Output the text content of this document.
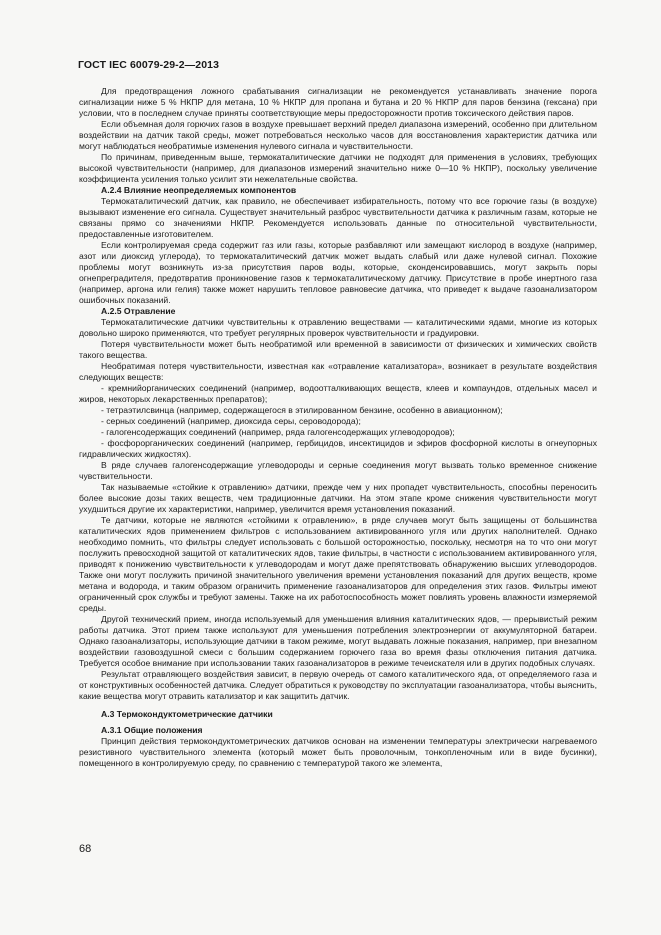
ГОСТ IEC 60079-29-2—2013

Для предотвращения ложного срабатывания сигнализации не рекомендуется устанавливать значение порога сигнализации ниже 5 % НКПР для метана, 10 % НКПР для пропана и бутана и 20 % НКПР для паров бензина (гексана) при условии, что в последнем случае приняты соответствующие меры предосторожности против токсического действия паров.

Если объемная доля горючих газов в воздухе превышает верхний предел диапазона измерений, особенно при длительном воздействии на датчик такой среды, может потребоваться несколько часов для восстановления характеристик датчика или могут наблюдаться необратимые изменения нулевого сигнала и чувствительности.

По причинам, приведенным выше, термокаталитические датчики не подходят для применения в условиях, требующих высокой чувствительности (например, для диапазонов измерений значительно ниже 0—10 % НКПР), поскольку увеличение коэффициента усиления только усилит эти нежелательные свойства.

A.2.4 Влияние неопределяемых компонентов

Термокаталитический датчик, как правило, не обеспечивает избирательность, потому что все горючие газы (в воздухе) вызывают изменение его сигнала. Существует значительный разброс чувствительности датчика к различным газам, которые не связаны прямо со значениями НКПР. Рекомендуется использовать данные по относительной чувствительности, предоставленные изготовителем.

Если контролируемая среда содержит газ или газы, которые разбавляют или замещают кислород в воздухе (например, азот или диоксид углерода), то термокаталитический датчик может выдать слабый или даже нулевой сигнал. Похожие проблемы могут возникнуть из-за присутствия паров воды, которые, сконденсировавшись, могут закрыть поры огнепреградителя, предотвратив проникновение газов к термокаталитическому датчику. Присутствие в пробе инертного газа (например, аргона или гелия) также может нарушить тепловое равновесие датчика, что приведет к выдаче газоанализатором ошибочных показаний.

A.2.5 Отравление

Термокаталитические датчики чувствительны к отравлению веществами — каталитическими ядами, многие из которых довольно широко применяются, что требует регулярных проверок чувствительности и градуировки.

Потеря чувствительности может быть необратимой или временной в зависимости от физических и химических свойств такого вещества.

Необратимая потеря чувствительности, известная как «отравление катализатора», возникает в результате воздействия следующих веществ:

- кремнийорганических соединений (например, водоотталкивающих веществ, клеев и компаундов, отдельных масел и жиров, некоторых лекарственных препаратов);

- тетраэтилсвинца (например, содержащегося в этилированном бензине, особенно в авиационном);

- серных соединений (например, диоксида серы, сероводорода);

- галогенсодержащих соединений (например, ряда галогенсодержащих углеводородов);

- фосфорорганических соединений (например, гербицидов, инсектицидов и эфиров фосфорной кислоты в огнеупорных гидравлических жидкостях).

В ряде случаев галогенсодержащие углеводороды и серные соединения могут вызвать только временное снижение чувствительности.

Так называемые «стойкие к отравлению» датчики, прежде чем у них пропадет чувствительность, способны переносить более высокие дозы таких веществ, чем традиционные датчики. На этом этапе кроме снижения чувствительности могут ухудшиться другие их характеристики, например, увеличится время установления показаний.

Те датчики, которые не являются «стойкими к отравлению», в ряде случаев могут быть защищены от большинства каталитических ядов применением фильтров с использованием активированного угля или других наполнителей. Однако необходимо помнить, что фильтры следует использовать с большой осторожностью, поскольку, несмотря на то что они могут послужить превосходной защитой от каталитических ядов, такие фильтры, в частности с использованием активированного угля, приводят к понижению чувствительности к углеводородам и могут даже препятствовать обнаружению высших углеводородов. Также они могут послужить причиной значительного увеличения времени установления показаний для других веществ, кроме метана и водорода, и таким образом ограничить применение газоанализаторов для определения этих газов. Фильтры имеют ограниченный срок службы и требуют замены. Также на их работоспособность может повлиять уровень влажности измеряемой среды.

Другой технический прием, иногда используемый для уменьшения влияния каталитических ядов, — прерывистый режим работы датчика. Этот прием также используют для уменьшения потребления электроэнергии от аккумуляторной батареи. Однако газоанализаторы, использующие датчики в таком режиме, могут выдавать ложные показания, например, при внезапном воздействии газовоздушной смеси с большим содержанием горючего газа во время фазы отключения питания датчика. Требуется особое внимание при использовании таких газоанализаторов в режиме течеискателя или в других подобных случаях.

Результат отравляющего воздействия зависит, в первую очередь от самого каталитического яда, от определяемого газа и от конструктивных особенностей датчика. Следует обратиться к руководству по эксплуатации газоанализатора, чтобы выяснить, какие вещества могут отравить катализатор и как защитить датчик.

A.3 Термокондуктометрические датчики
A.3.1 Общие положения

Принцип действия термокондуктометрических датчиков основан на изменении температуры электрически нагреваемого резистивного чувствительного элемента (который может быть проволочным, тонкопленочным или в виде бусинки), помещенного в контролируемую среду, по сравнению с температурой такого же элемента,

68
